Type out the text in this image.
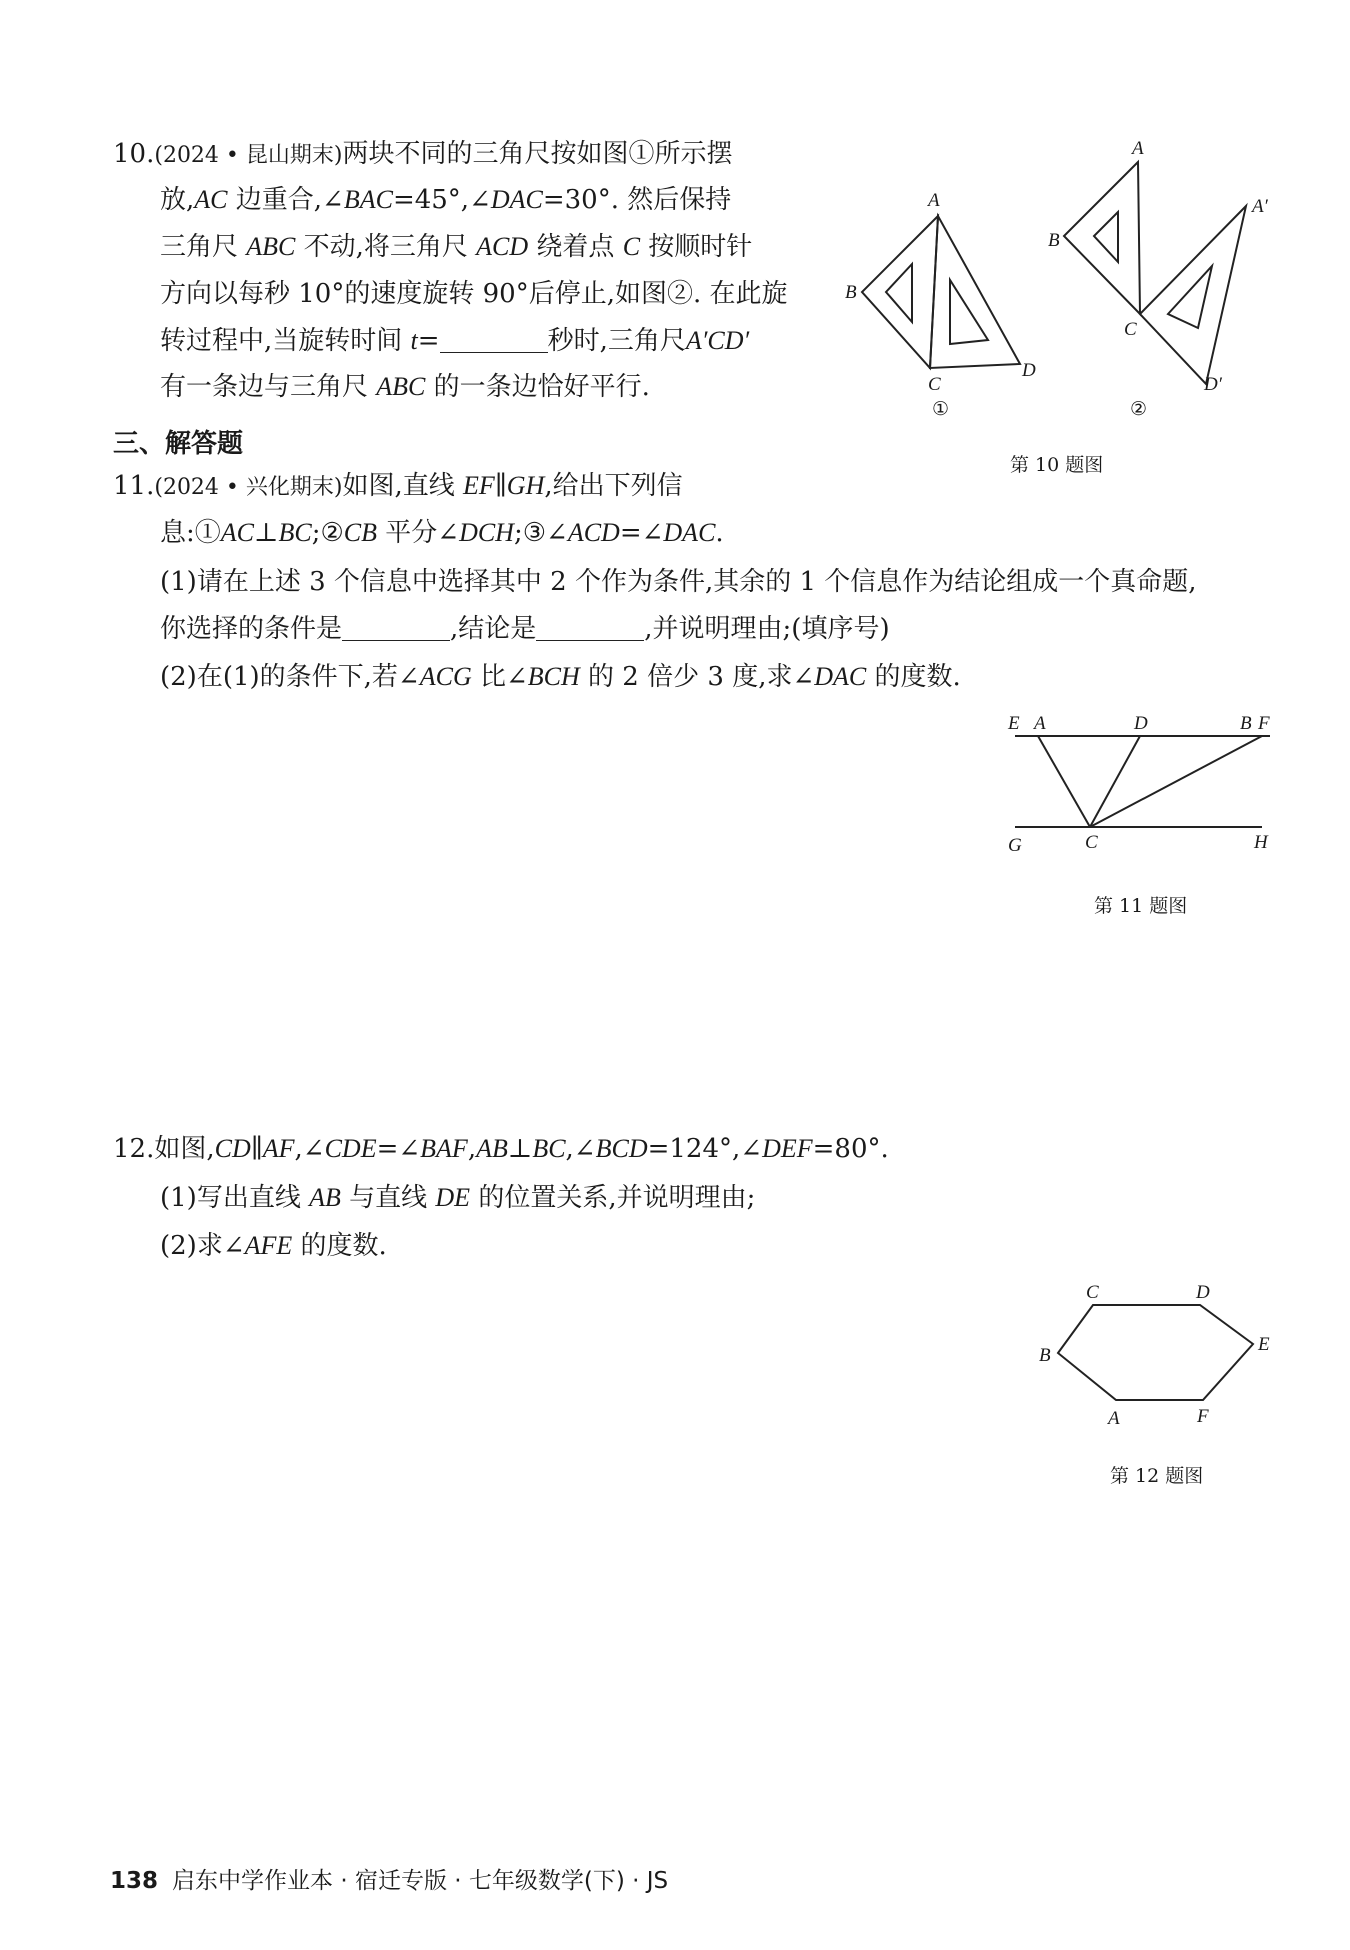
10.(2024 • 昆山期末)两块不同的三角尺按如图①所示摆
放,AC 边重合,∠BAC=45°,∠DAC=30°. 然后保持
三角尺 ABC 不动,将三角尺 ACD 绕着点 C 按顺时针
方向以每秒 10°的速度旋转 90°后停止,如图②. 在此旋
转过程中,当旋转时间 t=	秒时,三角尺A′CD′
有一条边与三角尺 ABC 的一条边恰好平行.
A
B
C
D
①
A
A′
B
C
D′
②
第 10 题图
三、解答题
11.(2024 • 兴化期末)如图,直线 EF∥GH,给出下列信
息:①AC⊥BC;②CB 平分∠DCH;③∠ACD=∠DAC.
(1)请在上述 3 个信息中选择其中 2 个作为条件,其余的 1 个信息作为结论组成一个真命题,
你选择的条件是	,结论是	,并说明理由;(填序号)
(2)在(1)的条件下,若∠ACG 比∠BCH 的 2 倍少 3 度,求∠DAC 的度数.
E A	D	B F
G	C	H
第 11 题图
12.如图,CD∥AF,∠CDE=∠BAF,AB⊥BC,∠BCD=124°,∠DEF=80°.
(1)写出直线 AB 与直线 DE 的位置关系,并说明理由;
(2)求∠AFE 的度数.
C	D
E
F
A
B
第 12 题图
138 启东中学作业本 · 宿迁专版 · 七年级数学(下) · JS
